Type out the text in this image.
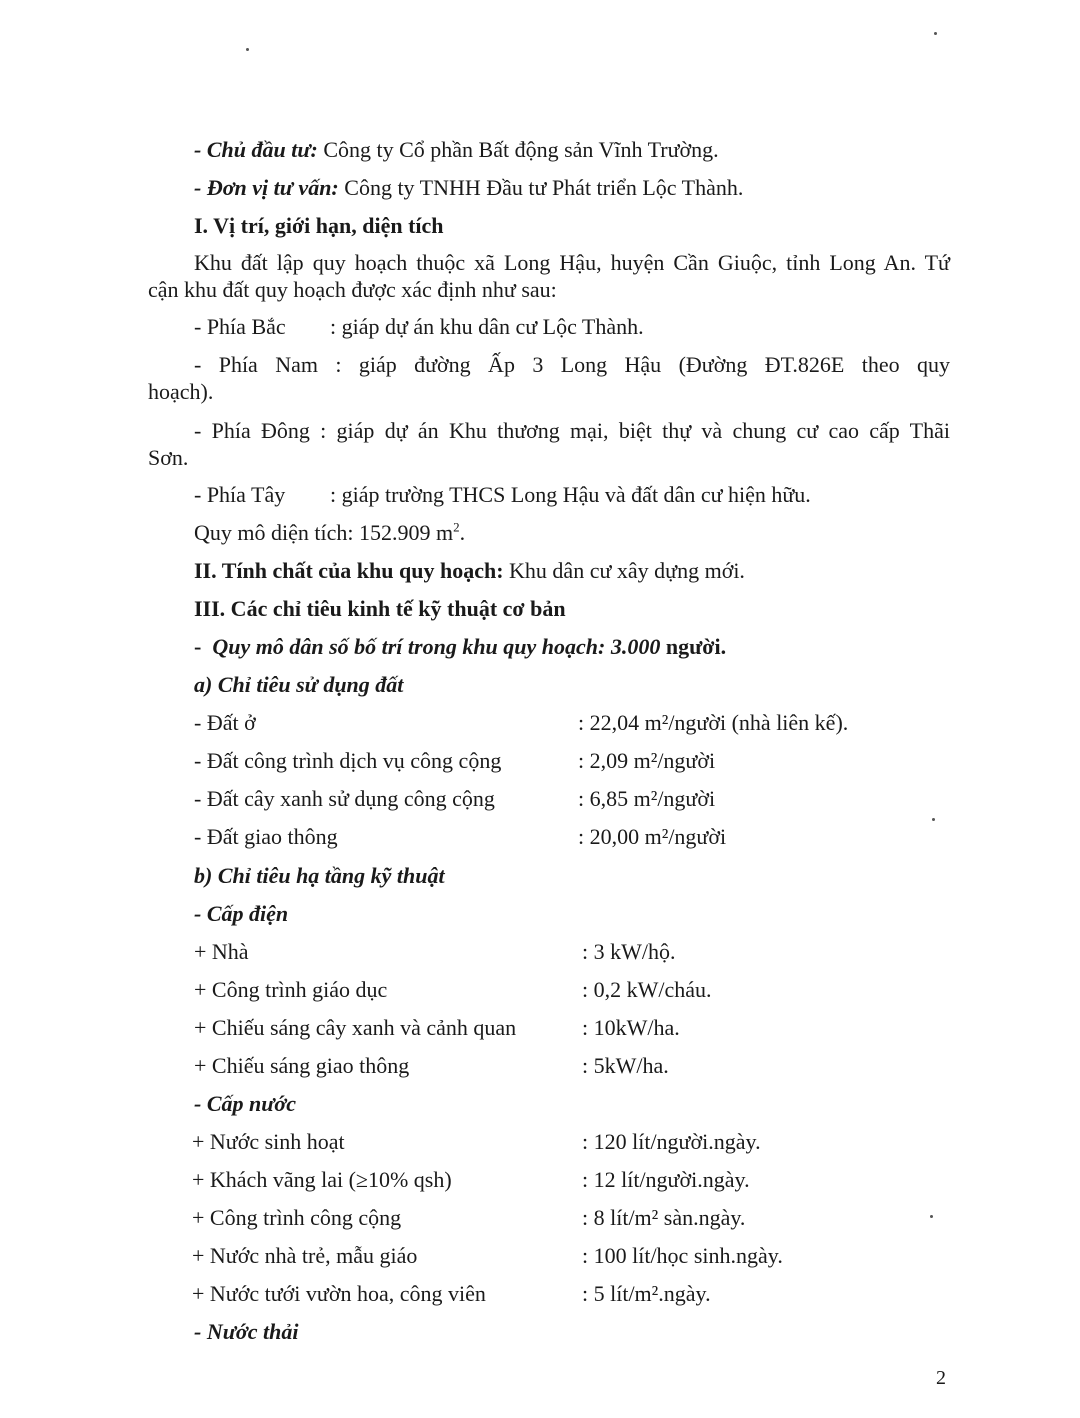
- Chủ đầu tư: Công ty Cổ phần Bất động sản Vĩnh Trường.
- Đơn vị tư vấn: Công ty TNHH Đầu tư Phát triển Lộc Thành.
I. Vị trí, giới hạn, diện tích
Khu đất lập quy hoạch thuộc xã Long Hậu, huyện Cần Giuộc, tỉnh Long An. Tứ
cận khu đất quy hoạch được xác định như sau:
- Phía Bắc : giáp dự án khu dân cư Lộc Thành.
- Phía Nam : giáp đường Ấp 3 Long Hậu (Đường ĐT.826E theo quy
hoạch).
- Phía Đông : giáp dự án Khu thương mại, biệt thự và chung cư cao cấp Thãi
Sơn.
- Phía Tây : giáp trường THCS Long Hậu và đất dân cư hiện hữu.
Quy mô diện tích: 152.909 $m^2$.
II. Tính chất của khu quy hoạch: Khu dân cư xây dựng mới.
III. Các chỉ tiêu kinh tế kỹ thuật cơ bản
-  Quy mô dân số bố trí trong khu quy hoạch: 3.000 người.
a) Chỉ tiêu sử dụng đất
- Đất ở	: 22,04 m²/người (nhà liên kế).
- Đất công trình dịch vụ công cộng	: 2,09 m²/người
- Đất cây xanh sử dụng công cộng	: 6,85 m²/người
- Đất giao thông	: 20,00 m²/người
b) Chỉ tiêu hạ tầng kỹ thuật
- Cấp điện
+ Nhà	: 3 kW/hộ.
+ Công trình giáo dục	: 0,2 kW/cháu.
+ Chiếu sáng cây xanh và cảnh quan	: 10kW/ha.
+ Chiếu sáng giao thông	: 5kW/ha.
- Cấp nước
+ Nước sinh hoạt	: 120 lít/người.ngày.
+ Khách vãng lai (≥10% qsh)	: 12 lít/người.ngày.
+ Công trình công cộng	: 8 lít/m² sàn.ngày.
+ Nước nhà trẻ, mẫu giáo	: 100 lít/học sinh.ngày.
+ Nước tưới vườn hoa, công viên	: 5 lít/m².ngày.
- Nước thải
2
